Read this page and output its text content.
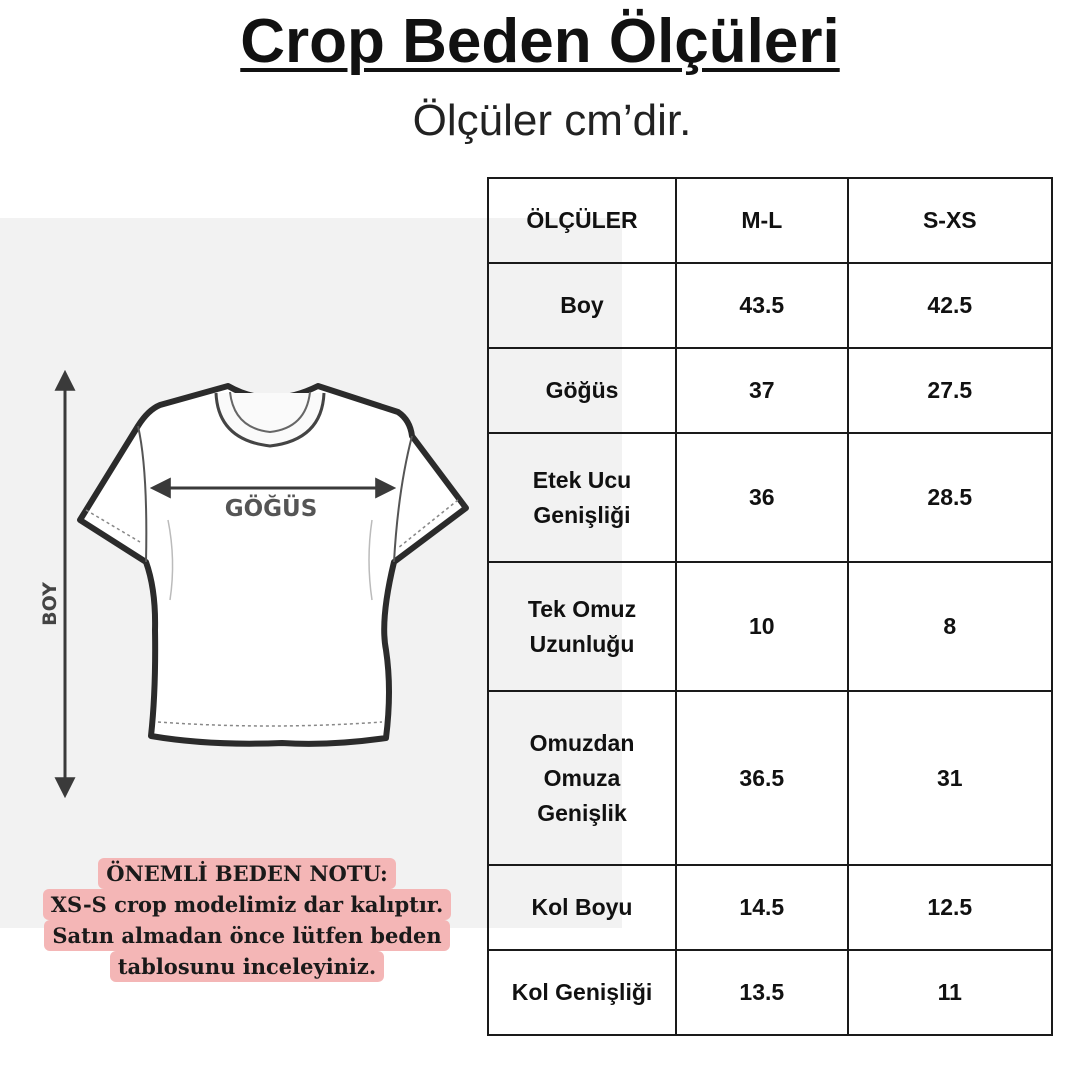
Crop Beden Ölçüleri
Ölçüler cm’dir.
GÖĞÜS
BOY
ÖNEMLİ BEDEN NOTU:
XS-S crop modelimiz dar kalıptır.
Satın almadan önce lütfen beden
tablosunu inceleyiniz.
ÖLÇÜLER	M-L	S-XS
Boy	43.5	42.5
Göğüs	37	27.5
Etek Ucu Genişliği	36	28.5
Tek Omuz Uzunluğu	10	8
Omuzdan Omuza Genişlik	36.5	31
Kol Boyu	14.5	12.5
Kol Genişliği	13.5	11
